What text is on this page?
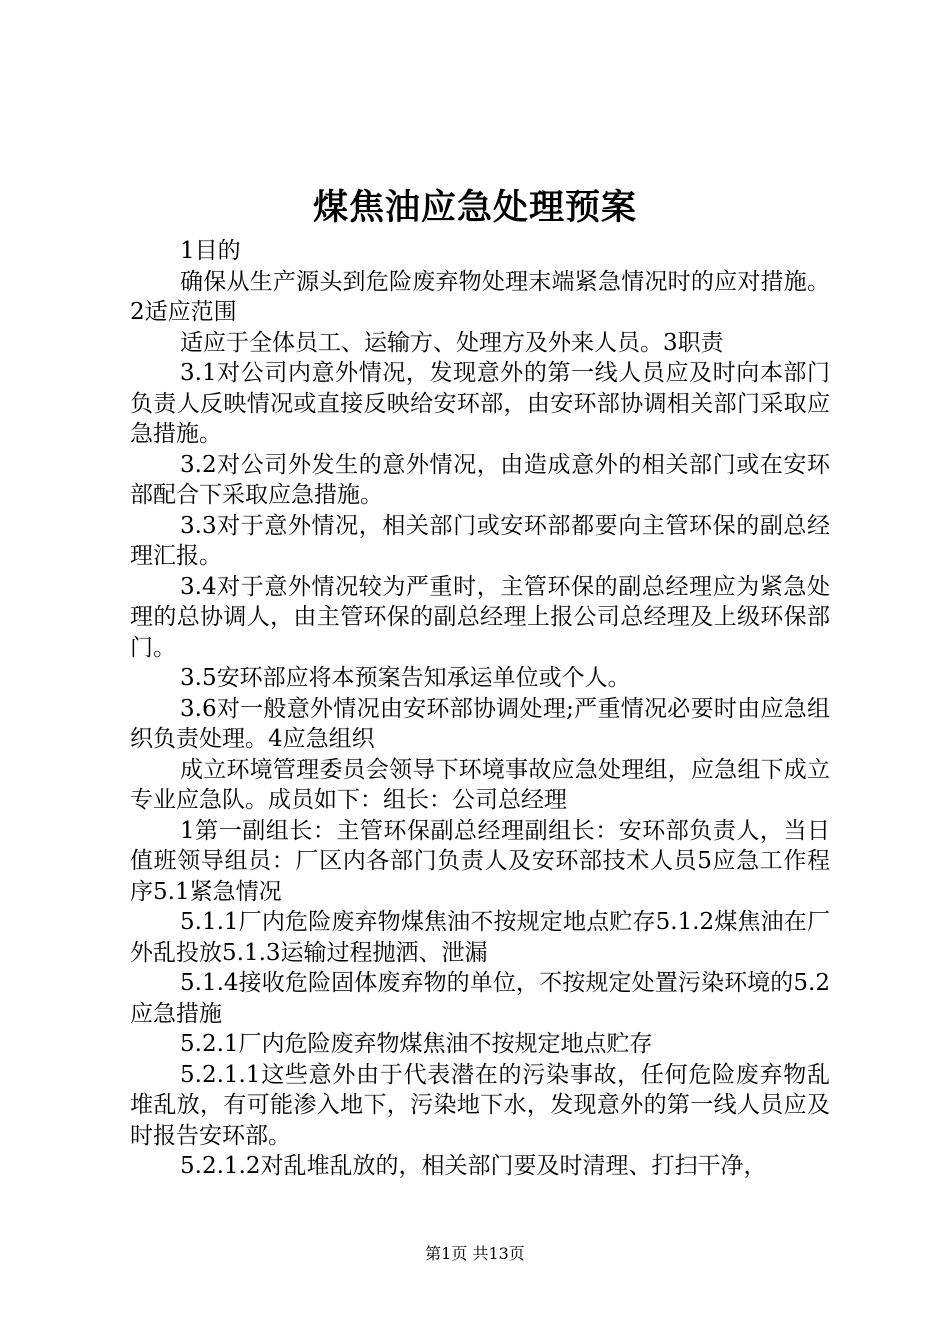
煤焦油应急处理预案

1目的

确保从生产源头到危险废弃物处理末端紧急情况时的应对措施。2适应范围

适应于全体员工、运输方、处理方及外来人员。3职责

3.1对公司内意外情况，发现意外的第一线人员应及时向本部门负责人反映情况或直接反映给安环部，由安环部协调相关部门采取应急措施。

3.2对公司外发生的意外情况，由造成意外的相关部门或在安环部配合下采取应急措施。

3.3对于意外情况，相关部门或安环部都要向主管环保的副总经理汇报。

3.4对于意外情况较为严重时，主管环保的副总经理应为紧急处理的总协调人，由主管环保的副总经理上报公司总经理及上级环保部门。

3.5安环部应将本预案告知承运单位或个人。

3.6对一般意外情况由安环部协调处理;严重情况必要时由应急组织负责处理。4应急组织

成立环境管理委员会领导下环境事故应急处理组，应急组下成立专业应急队。成员如下：组长：公司总经理

1第一副组长：主管环保副总经理副组长：安环部负责人，当日值班领导组员：厂区内各部门负责人及安环部技术人员5应急工作程序5.1紧急情况

5.1.1厂内危险废弃物煤焦油不按规定地点贮存5.1.2煤焦油在厂外乱投放5.1.3运输过程抛洒、泄漏

5.1.4接收危险固体废弃物的单位，不按规定处置污染环境的5.2应急措施

5.2.1厂内危险废弃物煤焦油不按规定地点贮存

5.2.1.1这些意外由于代表潜在的污染事故，任何危险废弃物乱堆乱放，有可能渗入地下，污染地下水，发现意外的第一线人员应及时报告安环部。

5.2.1.2对乱堆乱放的，相关部门要及时清理、打扫干净，

第1页 共13页
